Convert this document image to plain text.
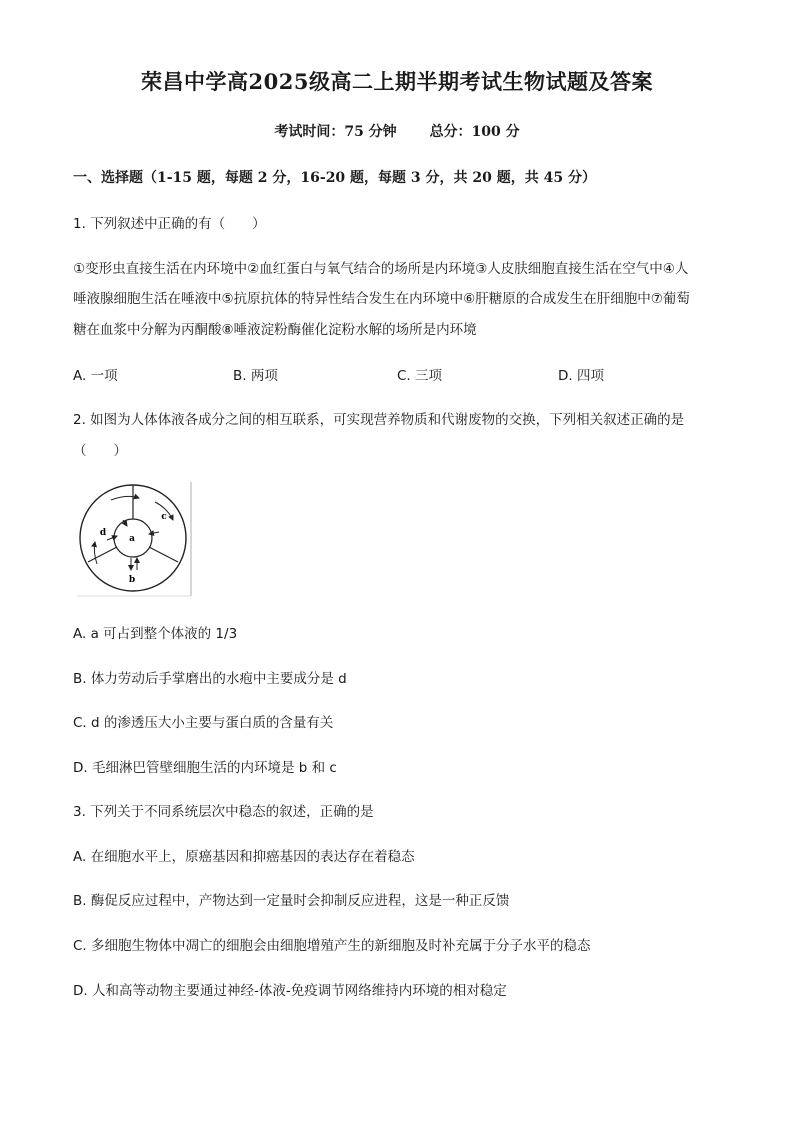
荣昌中学高2025级高二上期半期考试生物试题及答案
考试时间：75 分钟 总分：100 分
一、选择题（1-15 题，每题 2 分，16-20 题，每题 3 分，共 20 题，共 45 分）
1. 下列叙述中正确的有（　　）
①变形虫直接生活在内环境中②血红蛋白与氧气结合的场所是内环境③人皮肤细胞直接生活在空气中④人
唾液腺细胞生活在唾液中⑤抗原抗体的特异性结合发生在内环境中⑥肝糖原的合成发生在肝细胞中⑦葡萄
糖在血浆中分解为丙酮酸⑧唾液淀粉酶催化淀粉水解的场所是内环境
A. 一项	B. 两项	C. 三项	D. 四项
2. 如图为人体体液各成分之间的相互联系，可实现营养物质和代谢废物的交换，下列相关叙述正确的是
（　　）
a
b
c
d
A. a 可占到整个体液的 1/3
B. 体力劳动后手掌磨出的水疱中主要成分是 d
C. d 的渗透压大小主要与蛋白质的含量有关
D. 毛细淋巴管壁细胞生活的内环境是 b 和 c
3. 下列关于不同系统层次中稳态的叙述，正确的是
A. 在细胞水平上，原癌基因和抑癌基因的表达存在着稳态
B. 酶促反应过程中，产物达到一定量时会抑制反应进程，这是一种正反馈
C. 多细胞生物体中凋亡的细胞会由细胞增殖产生的新细胞及时补充属于分子水平的稳态
D. 人和高等动物主要通过神经-体液-免疫调节网络维持内环境的相对稳定
